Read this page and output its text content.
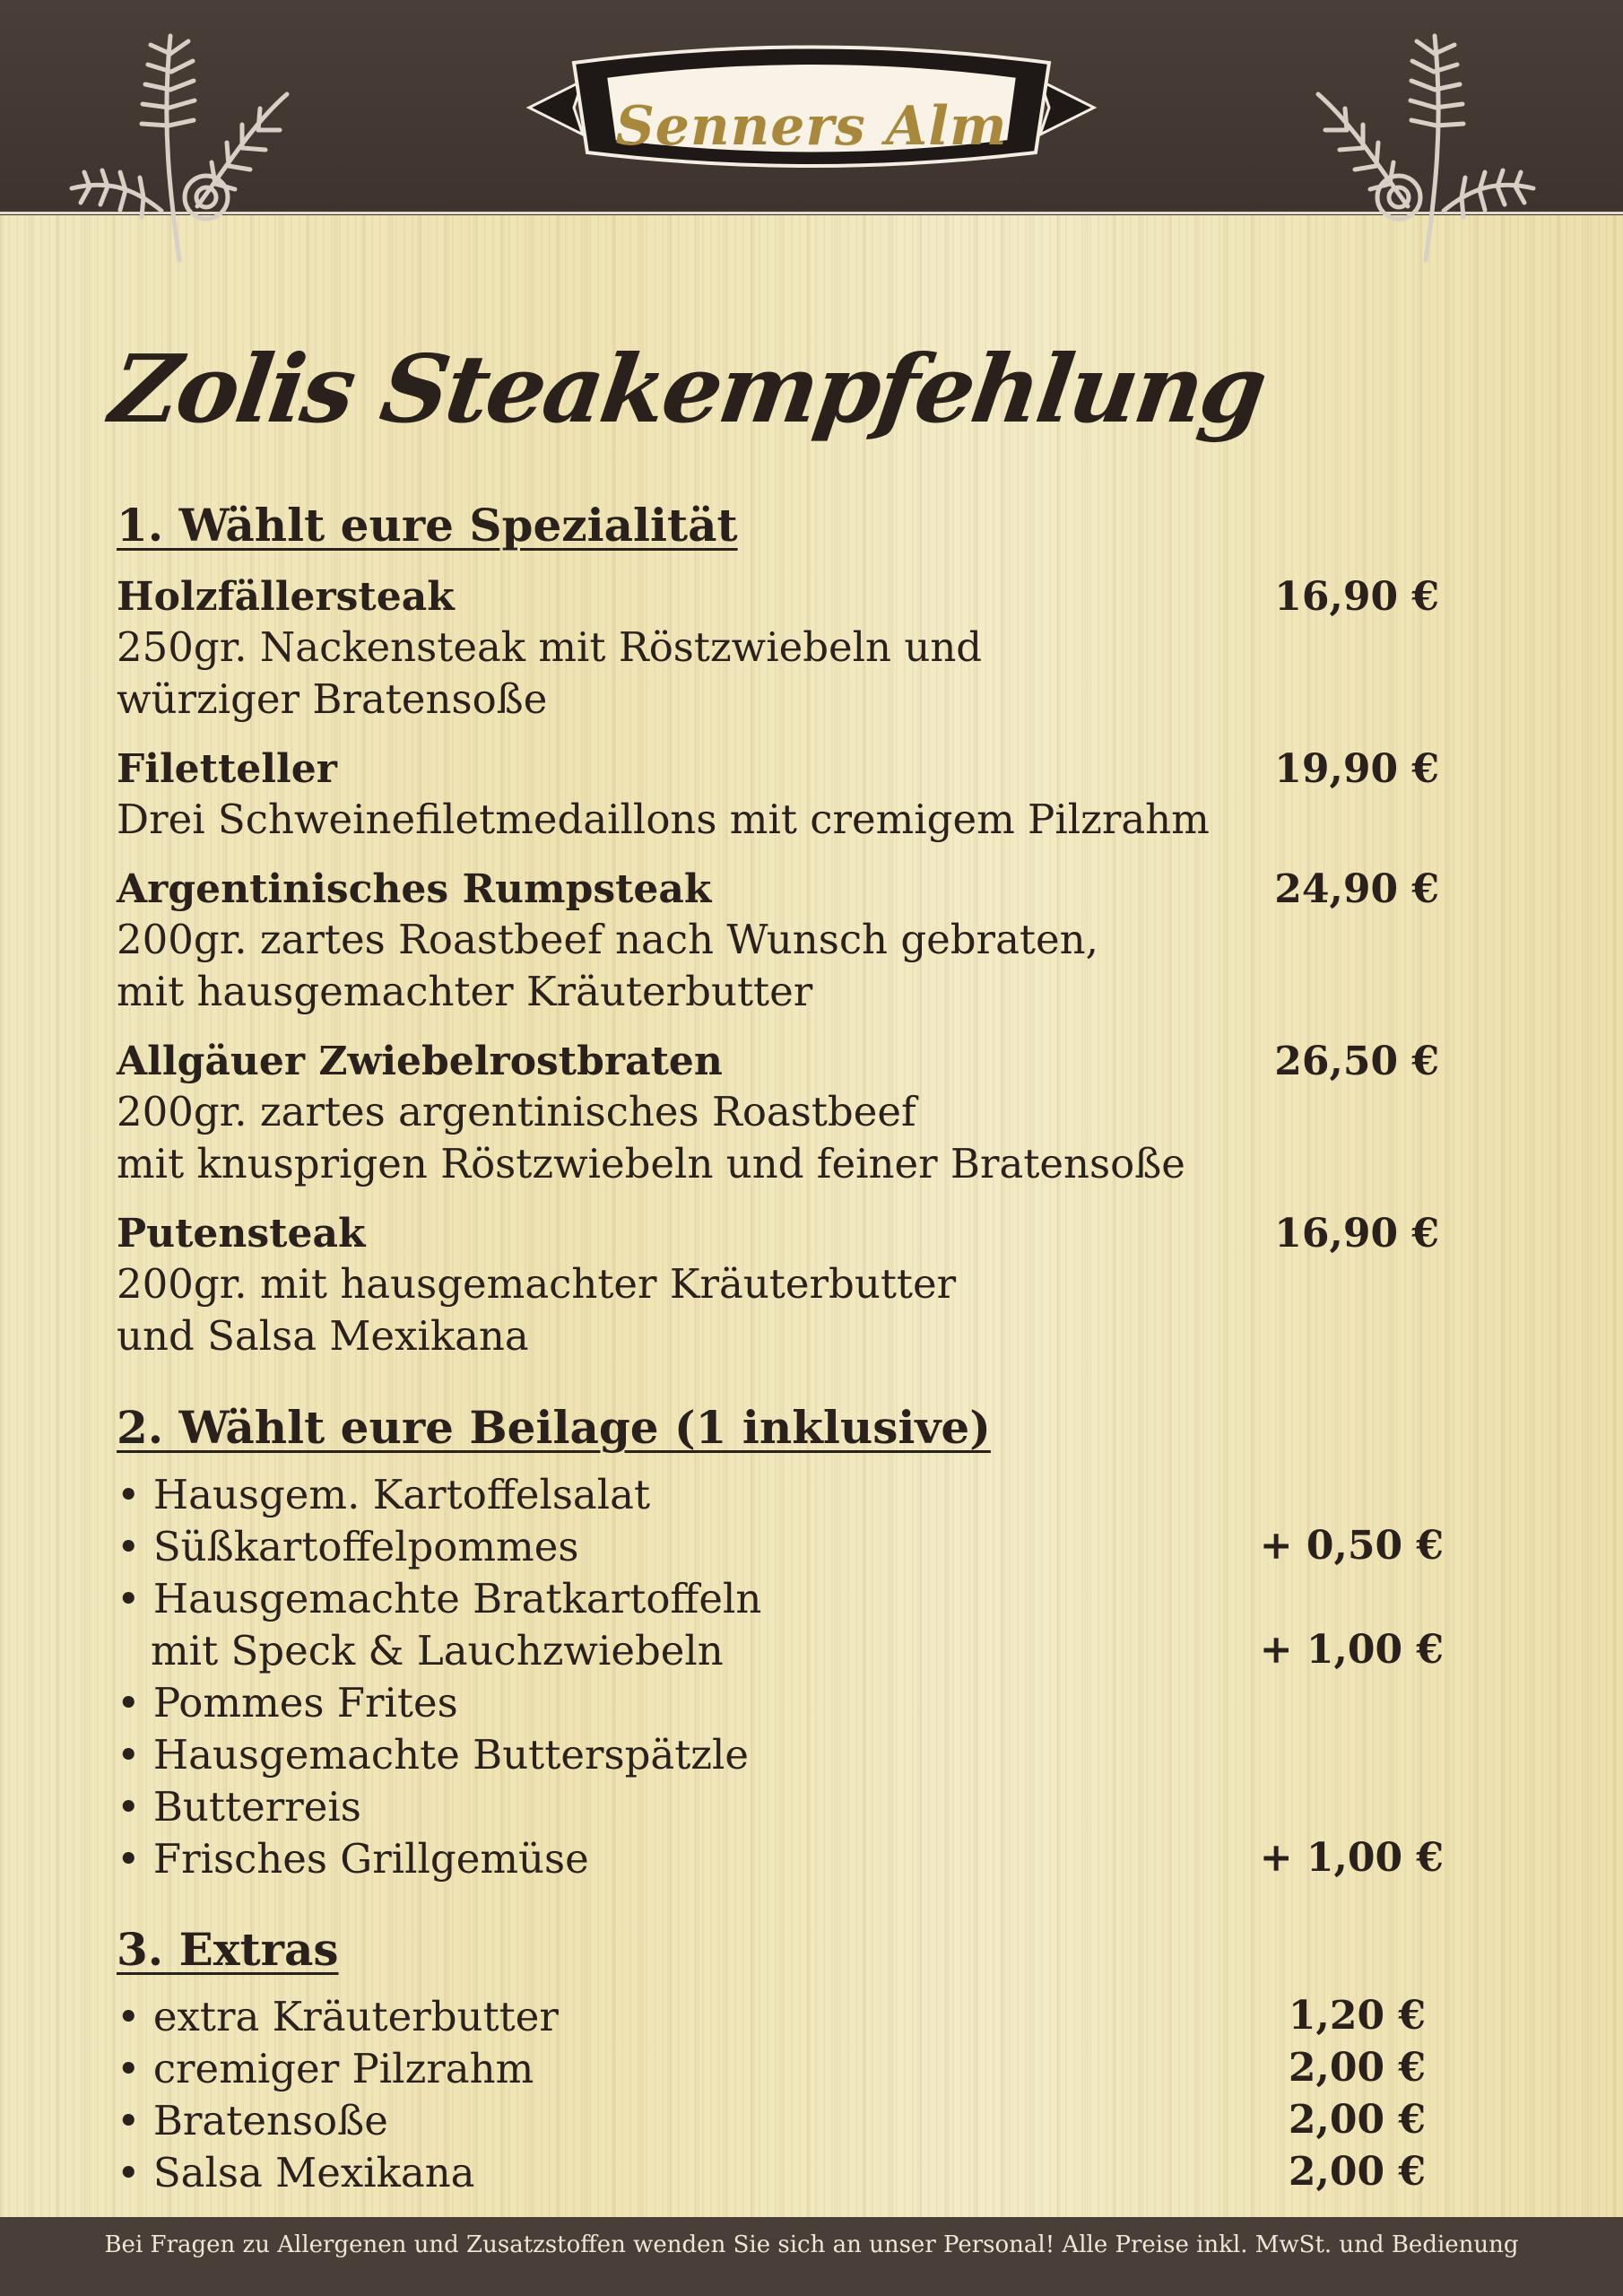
Senners Alm
Zolis Steakempfehlung
1. Wählt eure Spezialität
Holzfällersteak	16,90 €
250gr. Nackensteak mit Röstzwiebeln und
würziger Bratensoße
Filetteller	19,90 €
Drei Schweinefiletmedaillons mit cremigem Pilzrahm
Argentinisches Rumpsteak	24,90 €
200gr. zartes Roastbeef nach Wunsch gebraten,
mit hausgemachter Kräuterbutter
Allgäuer Zwiebelrostbraten	26,50 €
200gr. zartes argentinisches Roastbeef
mit knusprigen Röstzwiebeln und feiner Bratensoße
Putensteak	16,90 €
200gr. mit hausgemachter Kräuterbutter
und Salsa Mexikana
2. Wählt eure Beilage (1 inklusive)
• Hausgem. Kartoffelsalat
• Süßkartoffelpommes	+ 0,50 €
• Hausgemachte Bratkartoffeln
mit Speck & Lauchzwiebeln	+ 1,00 €
• Pommes Frites
• Hausgemachte Butterspätzle
• Butterreis
• Frisches Grillgemüse	+ 1,00 €
3. Extras
• extra Kräuterbutter	1,20 €
• cremiger Pilzrahm	2,00 €
• Bratensoße	2,00 €
• Salsa Mexikana	2,00 €
Bei Fragen zu Allergenen und Zusatzstoffen wenden Sie sich an unser Personal! Alle Preise inkl. MwSt. und Bedienung
